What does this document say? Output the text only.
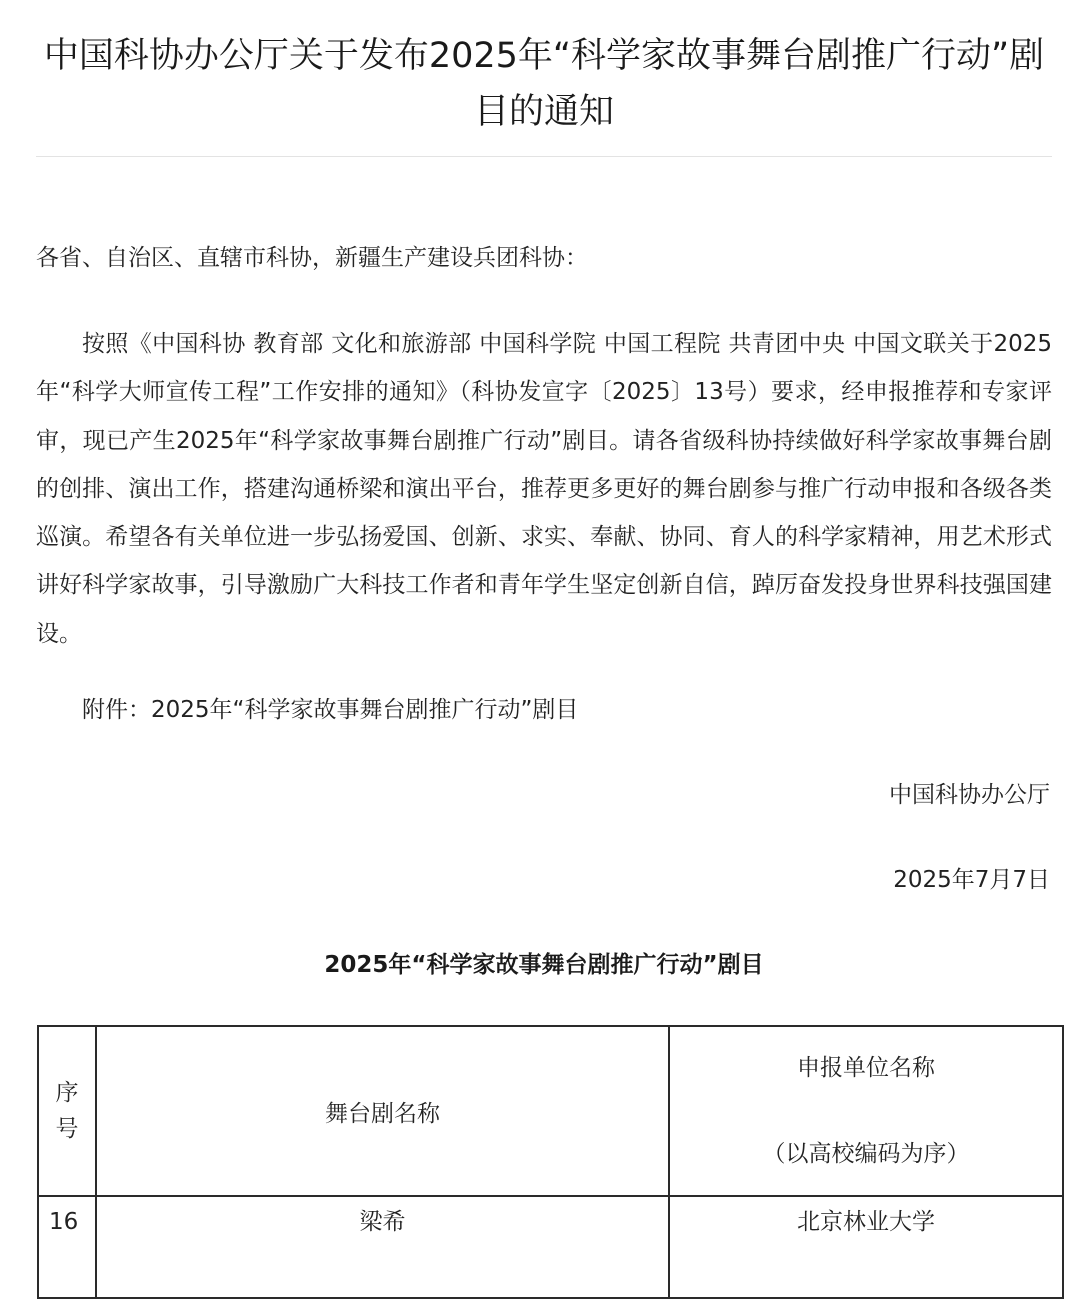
中国科协办公厅关于发布2025年“科学家故事舞台剧推广行动”剧目的通知

各省、自治区、直辖市科协，新疆生产建设兵团科协：

按照《中国科协 教育部 文化和旅游部 中国科学院 中国工程院 共青团中央 中国文联关于2025年“科学大师宣传工程”工作安排的通知》（科协发宣字〔2025〕13号）要求，经申报推荐和专家评审，现已产生2025年“科学家故事舞台剧推广行动”剧目。请各省级科协持续做好科学家故事舞台剧的创排、演出工作，搭建沟通桥梁和演出平台，推荐更多更好的舞台剧参与推广行动申报和各级各类巡演。希望各有关单位进一步弘扬爱国、创新、求实、奉献、协同、育人的科学家精神，用艺术形式讲好科学家故事，引导激励广大科技工作者和青年学生坚定创新自信，踔厉奋发投身世界科技强国建设。

附件：2025年“科学家故事舞台剧推广行动”剧目

中国科协办公厅

2025年7月7日

2025年“科学家故事舞台剧推广行动”剧目

序号	舞台剧名称	申报单位名称
（以高校编码为序）

16	梁希	北京林业大学
